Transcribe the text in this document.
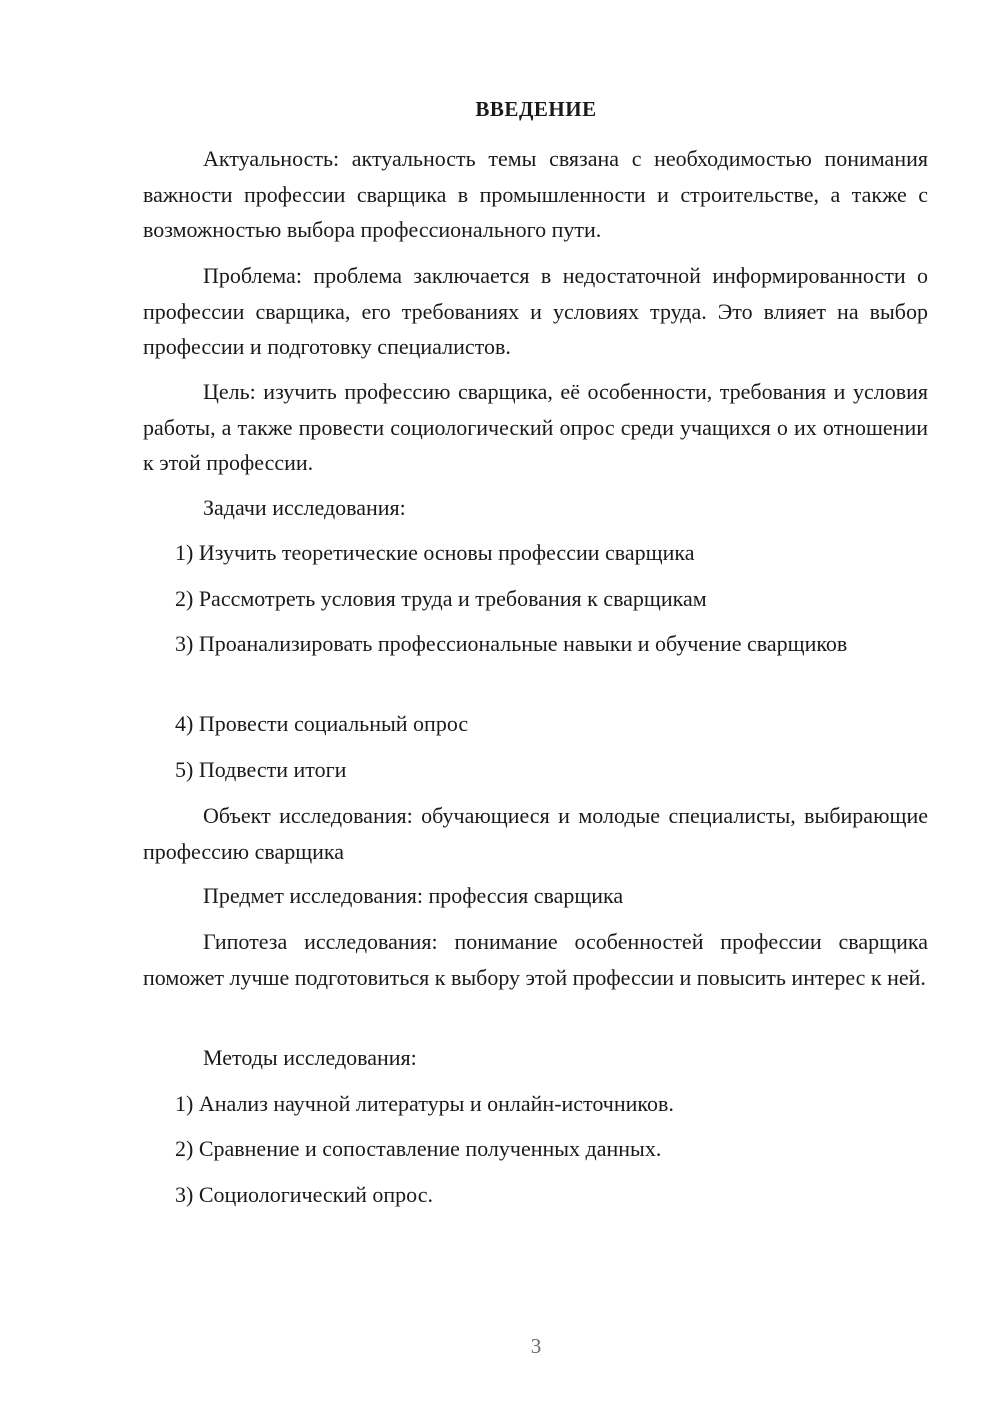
ВВЕДЕНИЕ

Актуальность: актуальность темы связана с необходимостью понимания важности профессии сварщика в промышленности и строительстве, а также с возможностью выбора профессионального пути.

Проблема: проблема заключается в недостаточной информированности о профессии сварщика, его требованиях и условиях труда. Это влияет на выбор профессии и подготовку специалистов.

Цель: изучить профессию сварщика, её особенности, требования и условия работы, а также провести социологический опрос среди учащихся о их отношении к этой профессии.

Задачи исследования:

1) Изучить теоретические основы профессии сварщика

2) Рассмотреть условия труда и требования к сварщикам

3) Проанализировать профессиональные навыки и обучение сварщиков

4) Провести социальный опрос

5) Подвести итоги

Объект исследования: обучающиеся и молодые специалисты, выбирающие профессию сварщика

Предмет исследования: профессия сварщика

Гипотеза исследования: понимание особенностей профессии сварщика поможет лучше подготовиться к выбору этой профессии и повысить интерес к ней.

Методы исследования:

1) Анализ научной литературы и онлайн-источников.

2) Сравнение и сопоставление полученных данных.

3) Социологический опрос.

3
